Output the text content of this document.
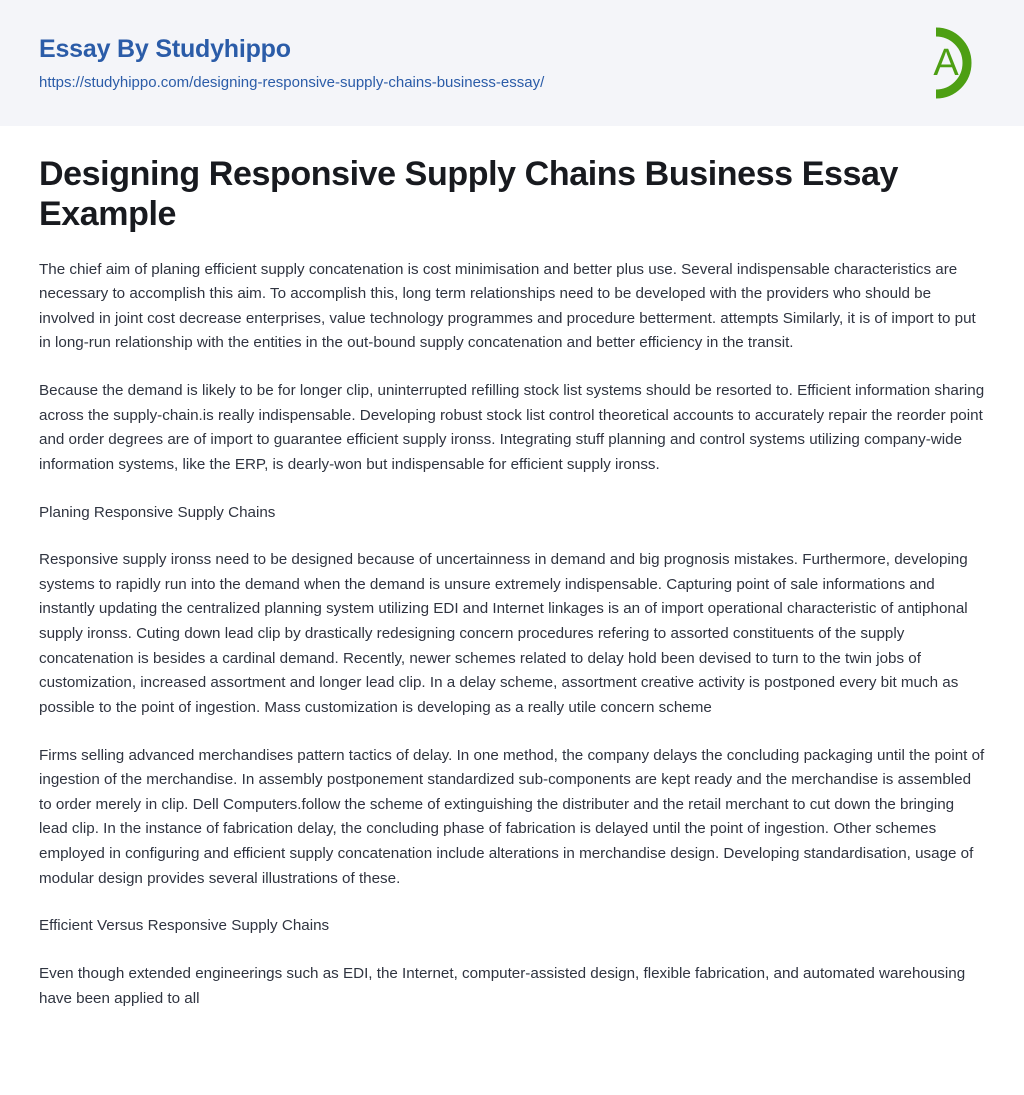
Essay By Studyhippo
https://studyhippo.com/designing-responsive-supply-chains-business-essay/	A
Designing Responsive Supply Chains Business Essay Example

The chief aim of planing efficient supply concatenation is cost minimisation and better plus use. Several indispensable characteristics are necessary to accomplish this aim. To accomplish this, long term relationships need to be developed with the providers who should be involved in joint cost decrease enterprises, value technology programmes and procedure betterment. attempts Similarly, it is of import to put in long-run relationship with the entities in the out-bound supply concatenation and better efficiency in the transit.

Because the demand is likely to be for longer clip, uninterrupted refilling stock list systems should be resorted to. Efficient information sharing across the supply-chain.is really indispensable. Developing robust stock list control theoretical accounts to accurately repair the reorder point and order degrees are of import to guarantee efficient supply ironss. Integrating stuff planning and control systems utilizing company-wide information systems, like the ERP, is dearly-won but indispensable for efficient supply ironss.

Planing Responsive Supply Chains

Responsive supply ironss need to be designed because of uncertainness in demand and big prognosis mistakes. Furthermore, developing systems to rapidly run into the demand when the demand is unsure extremely indispensable. Capturing point of sale informations and instantly updating the centralized planning system utilizing EDI and Internet linkages is an of import operational characteristic of antiphonal supply ironss. Cuting down lead clip by drastically redesigning concern procedures refering to assorted constituents of the supply concatenation is besides a cardinal demand. Recently, newer schemes related to delay hold been devised to turn to the twin jobs of customization, increased assortment and longer lead clip. In a delay scheme, assortment creative activity is postponed every bit much as possible to the point of ingestion. Mass customization is developing as a really utile concern scheme

Firms selling advanced merchandises pattern tactics of delay. In one method, the company delays the concluding packaging until the point of ingestion of the merchandise. In assembly postponement standardized sub-components are kept ready and the merchandise is assembled to order merely in clip. Dell Computers.follow the scheme of extinguishing the distributer and the retail merchant to cut down the bringing lead clip. In the instance of fabrication delay, the concluding phase of fabrication is delayed until the point of ingestion. Other schemes employed in configuring and efficient supply concatenation include alterations in merchandise design. Developing standardisation, usage of modular design provides several illustrations of these.

Efficient Versus Responsive Supply Chains

Even though extended engineerings such as EDI, the Internet, computer-assisted design, flexible fabrication, and automated warehousing have been applied to all
